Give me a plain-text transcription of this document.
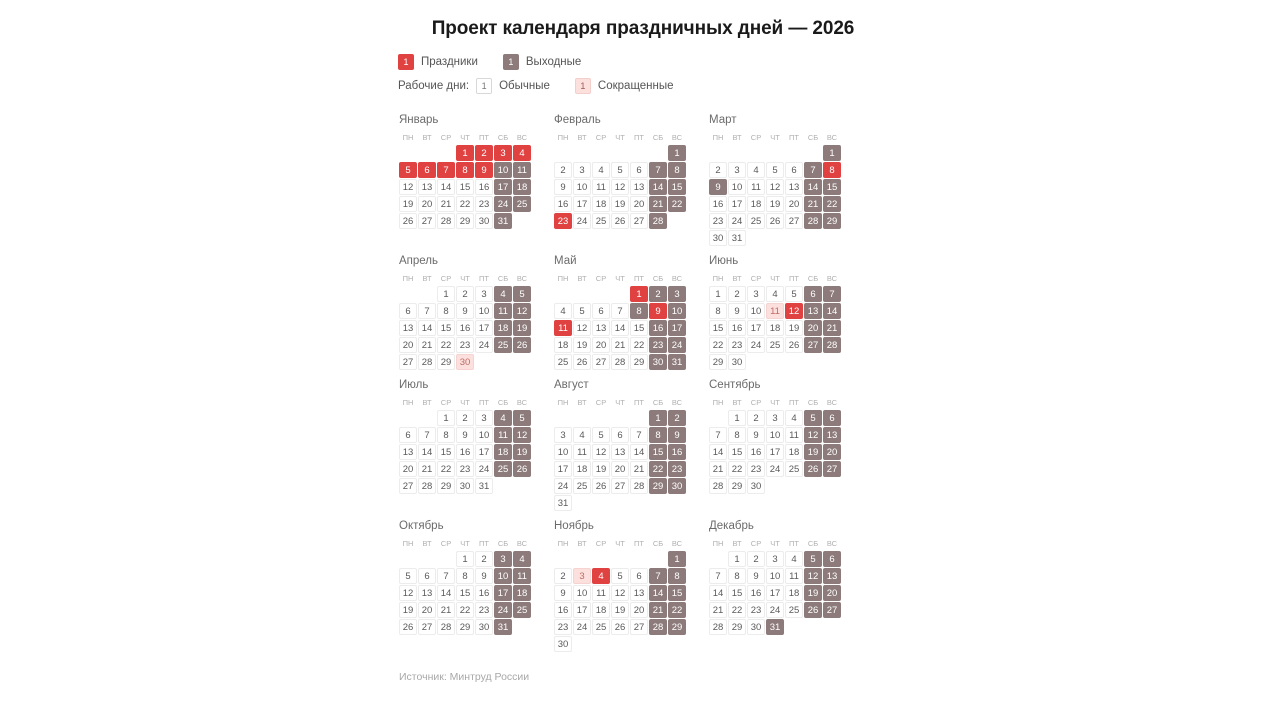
Проект календаря праздничных дней — 2026
1	Праздники	1	Выходные
Рабочие дни:	1	Обычные	1	Сокращенные
Январь
ПН	ВТ	СР	ЧТ	ПТ	СБ	ВС
			1	2	3	4
5	6	7	8	9	10	11
12	13	14	15	16	17	18
19	20	21	22	23	24	25
26	27	28	29	30	31	
Февраль
ПН	ВТ	СР	ЧТ	ПТ	СБ	ВС
						1
2	3	4	5	6	7	8
9	10	11	12	13	14	15
16	17	18	19	20	21	22
23	24	25	26	27	28	
Март
ПН	ВТ	СР	ЧТ	ПТ	СБ	ВС
						1
2	3	4	5	6	7	8
9	10	11	12	13	14	15
16	17	18	19	20	21	22
23	24	25	26	27	28	29
30	31					
Апрель
ПН	ВТ	СР	ЧТ	ПТ	СБ	ВС
		1	2	3	4	5
6	7	8	9	10	11	12
13	14	15	16	17	18	19
20	21	22	23	24	25	26
27	28	29	30			
Май
ПН	ВТ	СР	ЧТ	ПТ	СБ	ВС
				1	2	3
4	5	6	7	8	9	10
11	12	13	14	15	16	17
18	19	20	21	22	23	24
25	26	27	28	29	30	31
Июнь
ПН	ВТ	СР	ЧТ	ПТ	СБ	ВС
1	2	3	4	5	6	7
8	9	10	11	12	13	14
15	16	17	18	19	20	21
22	23	24	25	26	27	28
29	30					
Июль
ПН	ВТ	СР	ЧТ	ПТ	СБ	ВС
		1	2	3	4	5
6	7	8	9	10	11	12
13	14	15	16	17	18	19
20	21	22	23	24	25	26
27	28	29	30	31		
Август
ПН	ВТ	СР	ЧТ	ПТ	СБ	ВС
					1	2
3	4	5	6	7	8	9
10	11	12	13	14	15	16
17	18	19	20	21	22	23
24	25	26	27	28	29	30
31						
Сентябрь
ПН	ВТ	СР	ЧТ	ПТ	СБ	ВС
	1	2	3	4	5	6
7	8	9	10	11	12	13
14	15	16	17	18	19	20
21	22	23	24	25	26	27
28	29	30				
Октябрь
ПН	ВТ	СР	ЧТ	ПТ	СБ	ВС
			1	2	3	4
5	6	7	8	9	10	11
12	13	14	15	16	17	18
19	20	21	22	23	24	25
26	27	28	29	30	31	
Ноябрь
ПН	ВТ	СР	ЧТ	ПТ	СБ	ВС
						1
2	3	4	5	6	7	8
9	10	11	12	13	14	15
16	17	18	19	20	21	22
23	24	25	26	27	28	29
30						
Декабрь
ПН	ВТ	СР	ЧТ	ПТ	СБ	ВС
	1	2	3	4	5	6
7	8	9	10	11	12	13
14	15	16	17	18	19	20
21	22	23	24	25	26	27
28	29	30	31			
Источник: Минтруд России
